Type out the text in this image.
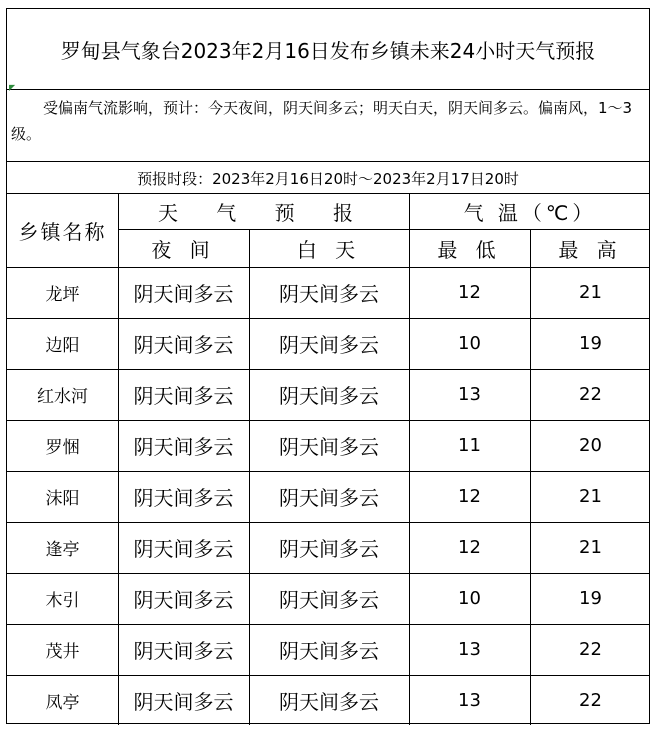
罗甸县气象台2023年2月16日发布乡镇未来24小时天气预报
◤
受偏南气流影响，预计：今天夜间，阴天间多云；明天白天，阴天间多云。偏南风，1～3级。
预报时段：2023年2月16日20时～2023年2月17日20时
乡镇名称
天 气 预 报	气 温（℃）
夜 间	白 天	最 低	最 高
龙坪	阴天间多云	阴天间多云	12	21
边阳	阴天间多云	阴天间多云	10	19
红水河	阴天间多云	阴天间多云	13	22
罗悃	阴天间多云	阴天间多云	11	20
沫阳	阴天间多云	阴天间多云	12	21
逢亭	阴天间多云	阴天间多云	12	21
木引	阴天间多云	阴天间多云	10	19
茂井	阴天间多云	阴天间多云	13	22
凤亭	阴天间多云	阴天间多云	13	22
